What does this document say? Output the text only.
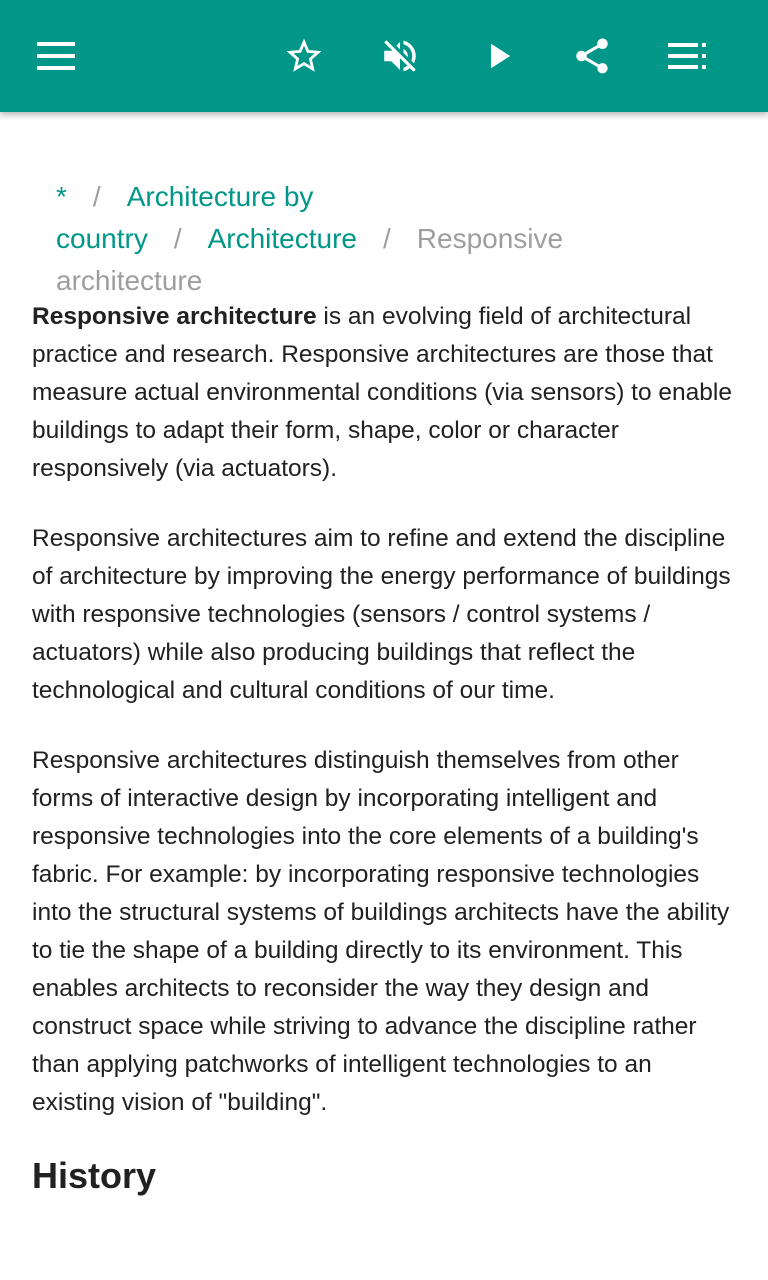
* / Architecture by country / Architecture / Responsive architecture

Responsive architecture is an evolving field of architectural practice and research. Responsive architectures are those that measure actual environmental conditions (via sensors) to enable buildings to adapt their form, shape, color or character responsively (via actuators).

Responsive architectures aim to refine and extend the discipline of architecture by improving the energy performance of buildings with responsive technologies (sensors / control systems / actuators) while also producing buildings that reflect the technological and cultural conditions of our time.

Responsive architectures distinguish themselves from other forms of interactive design by incorporating intelligent and responsive technologies into the core elements of a building's fabric. For example: by incorporating responsive technologies into the structural systems of buildings architects have the ability to tie the shape of a building directly to its environment. This enables architects to reconsider the way they design and construct space while striving to advance the discipline rather than applying patchworks of intelligent technologies to an existing vision of "building".

History
